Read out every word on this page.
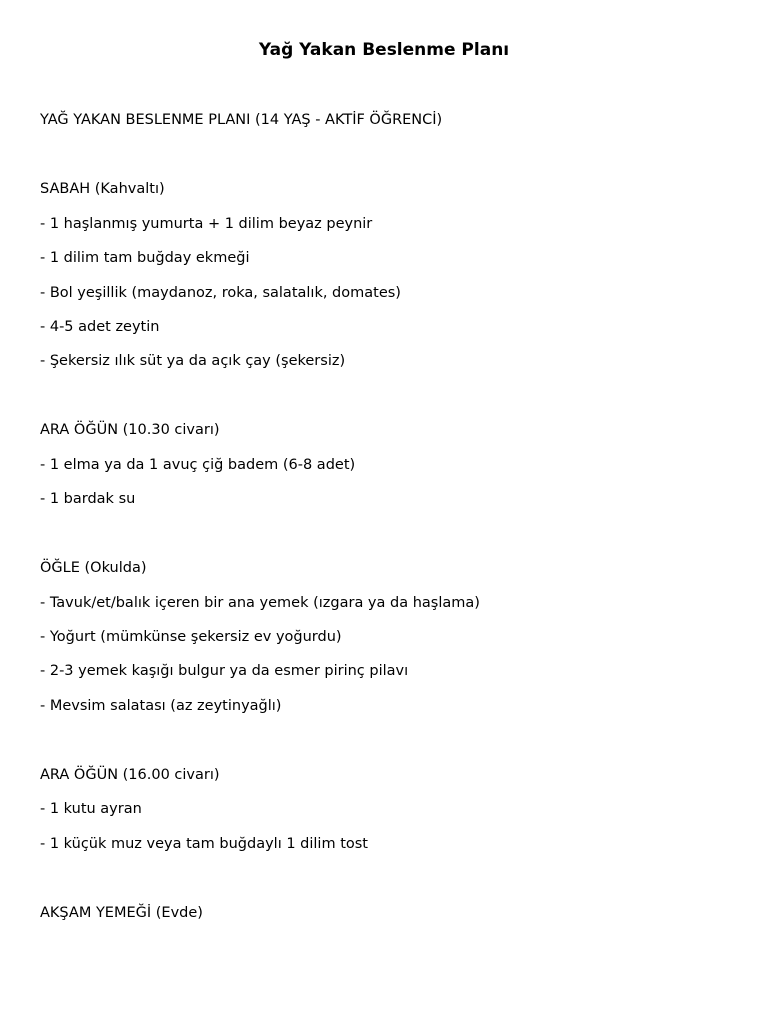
Yağ Yakan Beslenme Planı
YAĞ YAKAN BESLENME PLANI (14 YAŞ - AKTİF ÖĞRENCİ)
SABAH (Kahvaltı)
- 1 haşlanmış yumurta + 1 dilim beyaz peynir
- 1 dilim tam buğday ekmeği
- Bol yeşillik (maydanoz, roka, salatalık, domates)
- 4-5 adet zeytin
- Şekersiz ılık süt ya da açık çay (şekersiz)
ARA ÖĞÜN (10.30 civarı)
- 1 elma ya da 1 avuç çiğ badem (6-8 adet)
- 1 bardak su
ÖĞLE (Okulda)
- Tavuk/et/balık içeren bir ana yemek (ızgara ya da haşlama)
- Yoğurt (mümkünse şekersiz ev yoğurdu)
- 2-3 yemek kaşığı bulgur ya da esmer pirinç pilavı
- Mevsim salatası (az zeytinyağlı)
ARA ÖĞÜN (16.00 civarı)
- 1 kutu ayran
- 1 küçük muz veya tam buğdaylı 1 dilim tost
AKŞAM YEMEĞİ (Evde)
